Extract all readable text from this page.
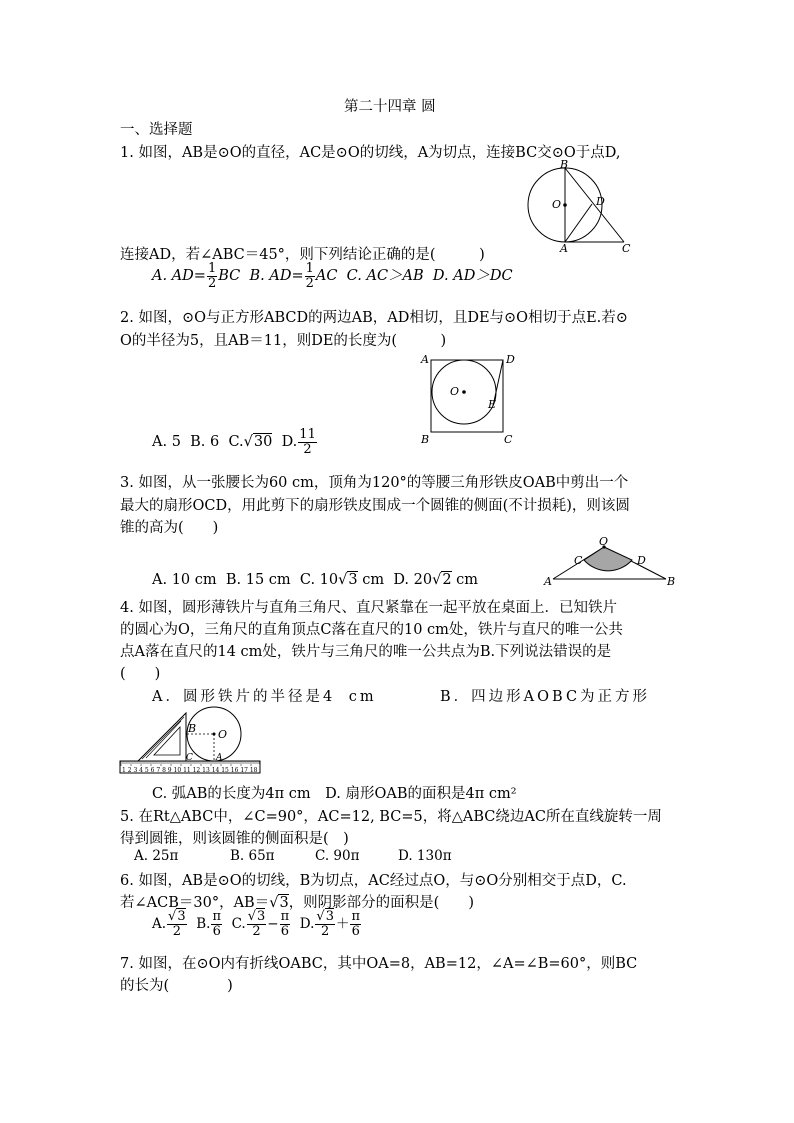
第二十四章 圆
一、选择题
1. 如图，AB是⊙O的直径，AC是⊙O的切线，A为切点，连接BC交⊙O于点D,
B
O	D
A	C
连接AD，若∠ABC＝45°，则下列结论正确的是(　　　)
A. $AD= \frac{1}{2}$ BC B. $AD= \frac{1}{2}$ AC C. AC＞AB D. AD＞DC
2. 如图，⊙O与正方形ABCD的两边AB，AD相切，且DE与⊙O相切于点E.若⊙
O的半径为5，且AB＝11，则DE的长度为(　　　)
A	D
O
E
B	C
A. 5 B. 6 C.√30 D. $\frac{11}{2}$
3. 如图，从一张腰长为60 cm，顶角为120°的等腰三角形铁皮OAB中剪出一个
最大的扇形OCD，用此剪下的扇形铁皮围成一个圆锥的侧面(不计损耗)，则该圆
锥的高为(　　)
A. 10 cm B. 15 cm C. 10√3 cm D. 20√2 cm
O
C	D
A	B
4. 如图，圆形薄铁片与直角三角尺、直尺紧靠在一起平放在桌面上．已知铁片
的圆心为O，三角尺的直角顶点C落在直尺的10 cm处，铁片与直尺的唯一公共
点A落在直尺的14 cm处，铁片与三角尺的唯一公共点为B.下列说法错误的是
(　　)
A．圆形铁片的半径是4 cm	B．四边形AOBC为正方形
1 2 3 4 5 6 7 8 9 10 11 12 13 14 15 16 17 18
B O
C	A
C. 弧AB的长度为4π cm　D. 扇形OAB的面积是4π cm²
5. 在Rt△ABC中，∠C=90°，AC=12, BC=5，将△ABC绕边AC所在直线旋转一周
得到圆锥，则该圆锥的侧面积是(　)
A. 25π	B. 65π	C. 90π	D. 130π
6. 如图，AB是⊙O的切线，B为切点，AC经过点O，与⊙O分别相交于点D，C.
若∠ACB＝30°，AB＝√3，则阴影部分的面积是(　　)
A. $\frac{√3}{2} B$. $\frac{\pi}{6} C$. $\frac{√3}{2} - \frac{\pi}{6} D$. $\frac{√3}{2} + \frac{\pi}{6}$
7. 如图，在⊙O内有折线OABC，其中OA=8，AB=12，∠A=∠B=60°，则BC
的长为(　　　　)
